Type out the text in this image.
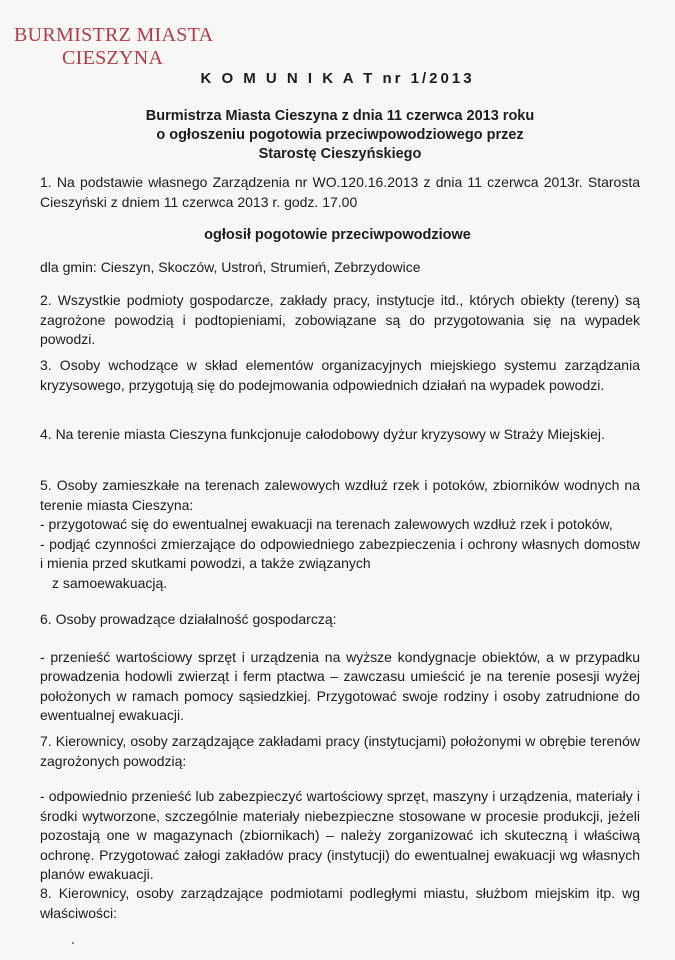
BURMISTRZ MIASTA
CIESZYNA
K O M U N I K A T nr 1/2013
Burmistrza Miasta Cieszyna z dnia 11 czerwca 2013 roku
o ogłoszeniu pogotowia przeciwpowodziowego przez
Starostę Cieszyńskiego
1. Na podstawie własnego Zarządzenia nr WO.120.16.2013 z dnia 11 czerwca 2013r. Starosta Cieszyński z dniem 11 czerwca 2013 r. godz. 17.00
ogłosił pogotowie przeciwpowodziowe
dla gmin: Cieszyn, Skoczów, Ustroń, Strumień, Zebrzydowice
2. Wszystkie podmioty gospodarcze, zakłady pracy, instytucje itd., których obiekty (tereny) są zagrożone powodzią i podtopieniami, zobowiązane są do przygotowania się na wypadek powodzi.
3. Osoby wchodzące w skład elementów organizacyjnych miejskiego systemu zarządzania kryzysowego, przygotują się do podejmowania odpowiednich działań na wypadek powodzi.
4. Na terenie miasta Cieszyna funkcjonuje całodobowy dyżur kryzysowy w Straży Miejskiej.
5. Osoby zamieszkałe na terenach zalewowych wzdłuż rzek i potoków, zbiorników wodnych na terenie miasta Cieszyna:
- przygotować się do ewentualnej ewakuacji na terenach zalewowych wzdłuż rzek i potoków,
- podjąć czynności zmierzające do odpowiedniego zabezpieczenia i ochrony własnych domostw i mienia przed skutkami powodzi, a także związanych
z samoewakuacją.
6. Osoby prowadzące działalność gospodarczą:
- przenieść wartościowy sprzęt i urządzenia na wyższe kondygnacje obiektów, a w przypadku prowadzenia hodowli zwierząt i ferm ptactwa – zawczasu umieścić je na terenie posesji wyżej położonych w ramach pomocy sąsiedzkiej. Przygotować swoje rodziny i osoby zatrudnione do ewentualnej ewakuacji.
7. Kierownicy, osoby zarządzające zakładami pracy (instytucjami) położonymi w obrębie terenów zagrożonych powodzią:
- odpowiednio przenieść lub zabezpieczyć wartościowy sprzęt, maszyny i urządzenia, materiały i środki wytworzone, szczególnie materiały niebezpieczne stosowane w procesie produkcji, jeżeli pozostają one w magazynach (zbiornikach) – należy zorganizować ich skuteczną i właściwą ochronę. Przygotować załogi zakładów pracy (instytucji) do ewentualnej ewakuacji wg własnych planów ewakuacji.
8. Kierownicy, osoby zarządzające podmiotami podległymi miastu, służbom miejskim itp. wg właściwości:
